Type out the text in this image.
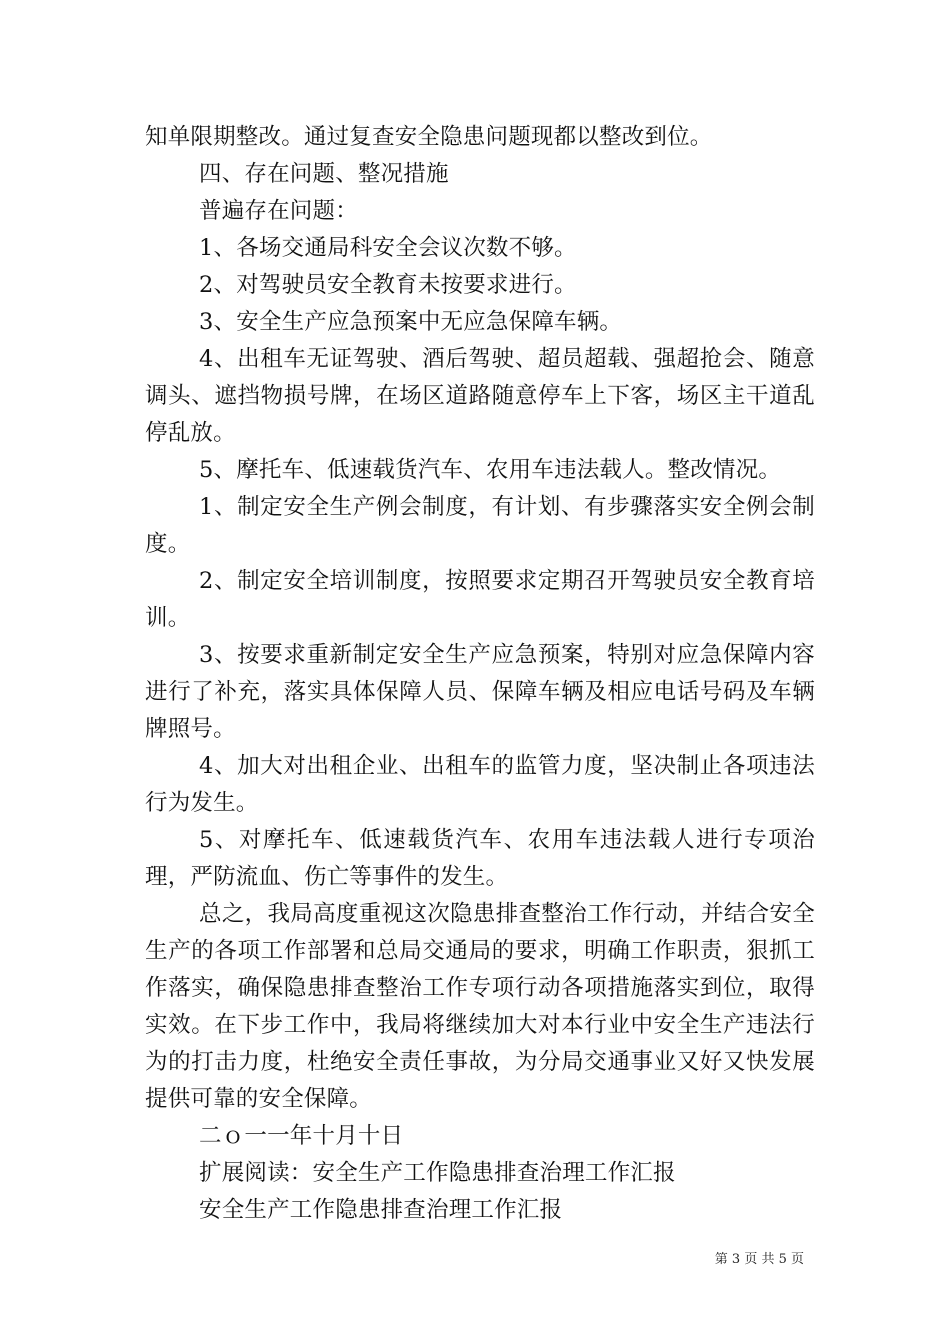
知单限期整改。通过复查安全隐患问题现都以整改到位。

四、存在问题、整况措施

普遍存在问题：

1、各场交通局科安全会议次数不够。

2、对驾驶员安全教育未按要求进行。

3、安全生产应急预案中无应急保障车辆。

4、出租车无证驾驶、酒后驾驶、超员超载、强超抢会、随意调头、遮挡物损号牌，在场区道路随意停车上下客，场区主干道乱停乱放。

5、摩托车、低速载货汽车、农用车违法载人。整改情况。

1、制定安全生产例会制度，有计划、有步骤落实安全例会制度。

2、制定安全培训制度，按照要求定期召开驾驶员安全教育培训。

3、按要求重新制定安全生产应急预案，特别对应急保障内容进行了补充，落实具体保障人员、保障车辆及相应电话号码及车辆牌照号。

4、加大对出租企业、出租车的监管力度，坚决制止各项违法行为发生。

5、对摩托车、低速载货汽车、农用车违法载人进行专项治理，严防流血、伤亡等事件的发生。

总之，我局高度重视这次隐患排查整治工作行动，并结合安全生产的各项工作部署和总局交通局的要求，明确工作职责，狠抓工作落实，确保隐患排查整治工作专项行动各项措施落实到位，取得实效。在下步工作中，我局将继续加大对本行业中安全生产违法行为的打击力度，杜绝安全责任事故，为分局交通事业又好又快发展提供可靠的安全保障。

二ｏ一一年十月十日

扩展阅读：安全生产工作隐患排查治理工作汇报

安全生产工作隐患排查治理工作汇报

第 3 页 共 5 页
